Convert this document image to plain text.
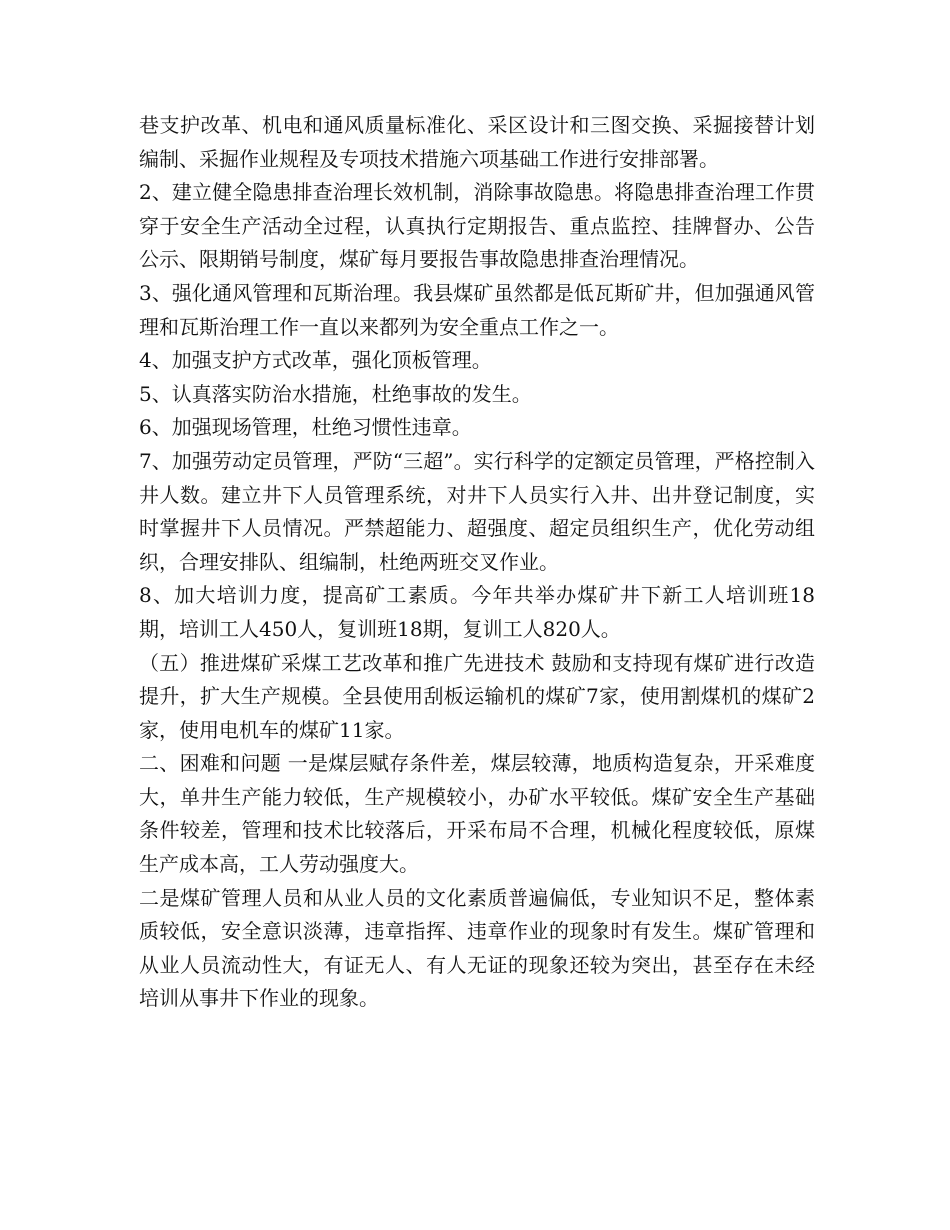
巷支护改革、机电和通风质量标准化、采区设计和三图交换、采掘接替计划编制、采掘作业规程及专项技术措施六项基础工作进行安排部署。

2、建立健全隐患排查治理长效机制，消除事故隐患。将隐患排查治理工作贯穿于安全生产活动全过程，认真执行定期报告、重点监控、挂牌督办、公告公示、限期销号制度，煤矿每月要报告事故隐患排查治理情况。

3、强化通风管理和瓦斯治理。我县煤矿虽然都是低瓦斯矿井，但加强通风管理和瓦斯治理工作一直以来都列为安全重点工作之一。

4、加强支护方式改革，强化顶板管理。

5、认真落实防治水措施，杜绝事故的发生。

6、加强现场管理，杜绝习惯性违章。

7、加强劳动定员管理，严防“三超”。实行科学的定额定员管理，严格控制入井人数。建立井下人员管理系统，对井下人员实行入井、出井登记制度，实时掌握井下人员情况。严禁超能力、超强度、超定员组织生产，优化劳动组织，合理安排队、组编制，杜绝两班交叉作业。

8、加大培训力度，提高矿工素质。今年共举办煤矿井下新工人培训班18期，培训工人450人，复训班18期，复训工人820人。

（五）推进煤矿采煤工艺改革和推广先进技术 鼓励和支持现有煤矿进行改造提升，扩大生产规模。全县使用刮板运输机的煤矿7家，使用割煤机的煤矿2家，使用电机车的煤矿11家。

二、困难和问题 一是煤层赋存条件差，煤层较薄，地质构造复杂，开采难度大，单井生产能力较低，生产规模较小，办矿水平较低。煤矿安全生产基础条件较差，管理和技术比较落后，开采布局不合理，机械化程度较低，原煤生产成本高，工人劳动强度大。

二是煤矿管理人员和从业人员的文化素质普遍偏低，专业知识不足，整体素质较低，安全意识淡薄，违章指挥、违章作业的现象时有发生。煤矿管理和从业人员流动性大，有证无人、有人无证的现象还较为突出，甚至存在未经培训从事井下作业的现象。
